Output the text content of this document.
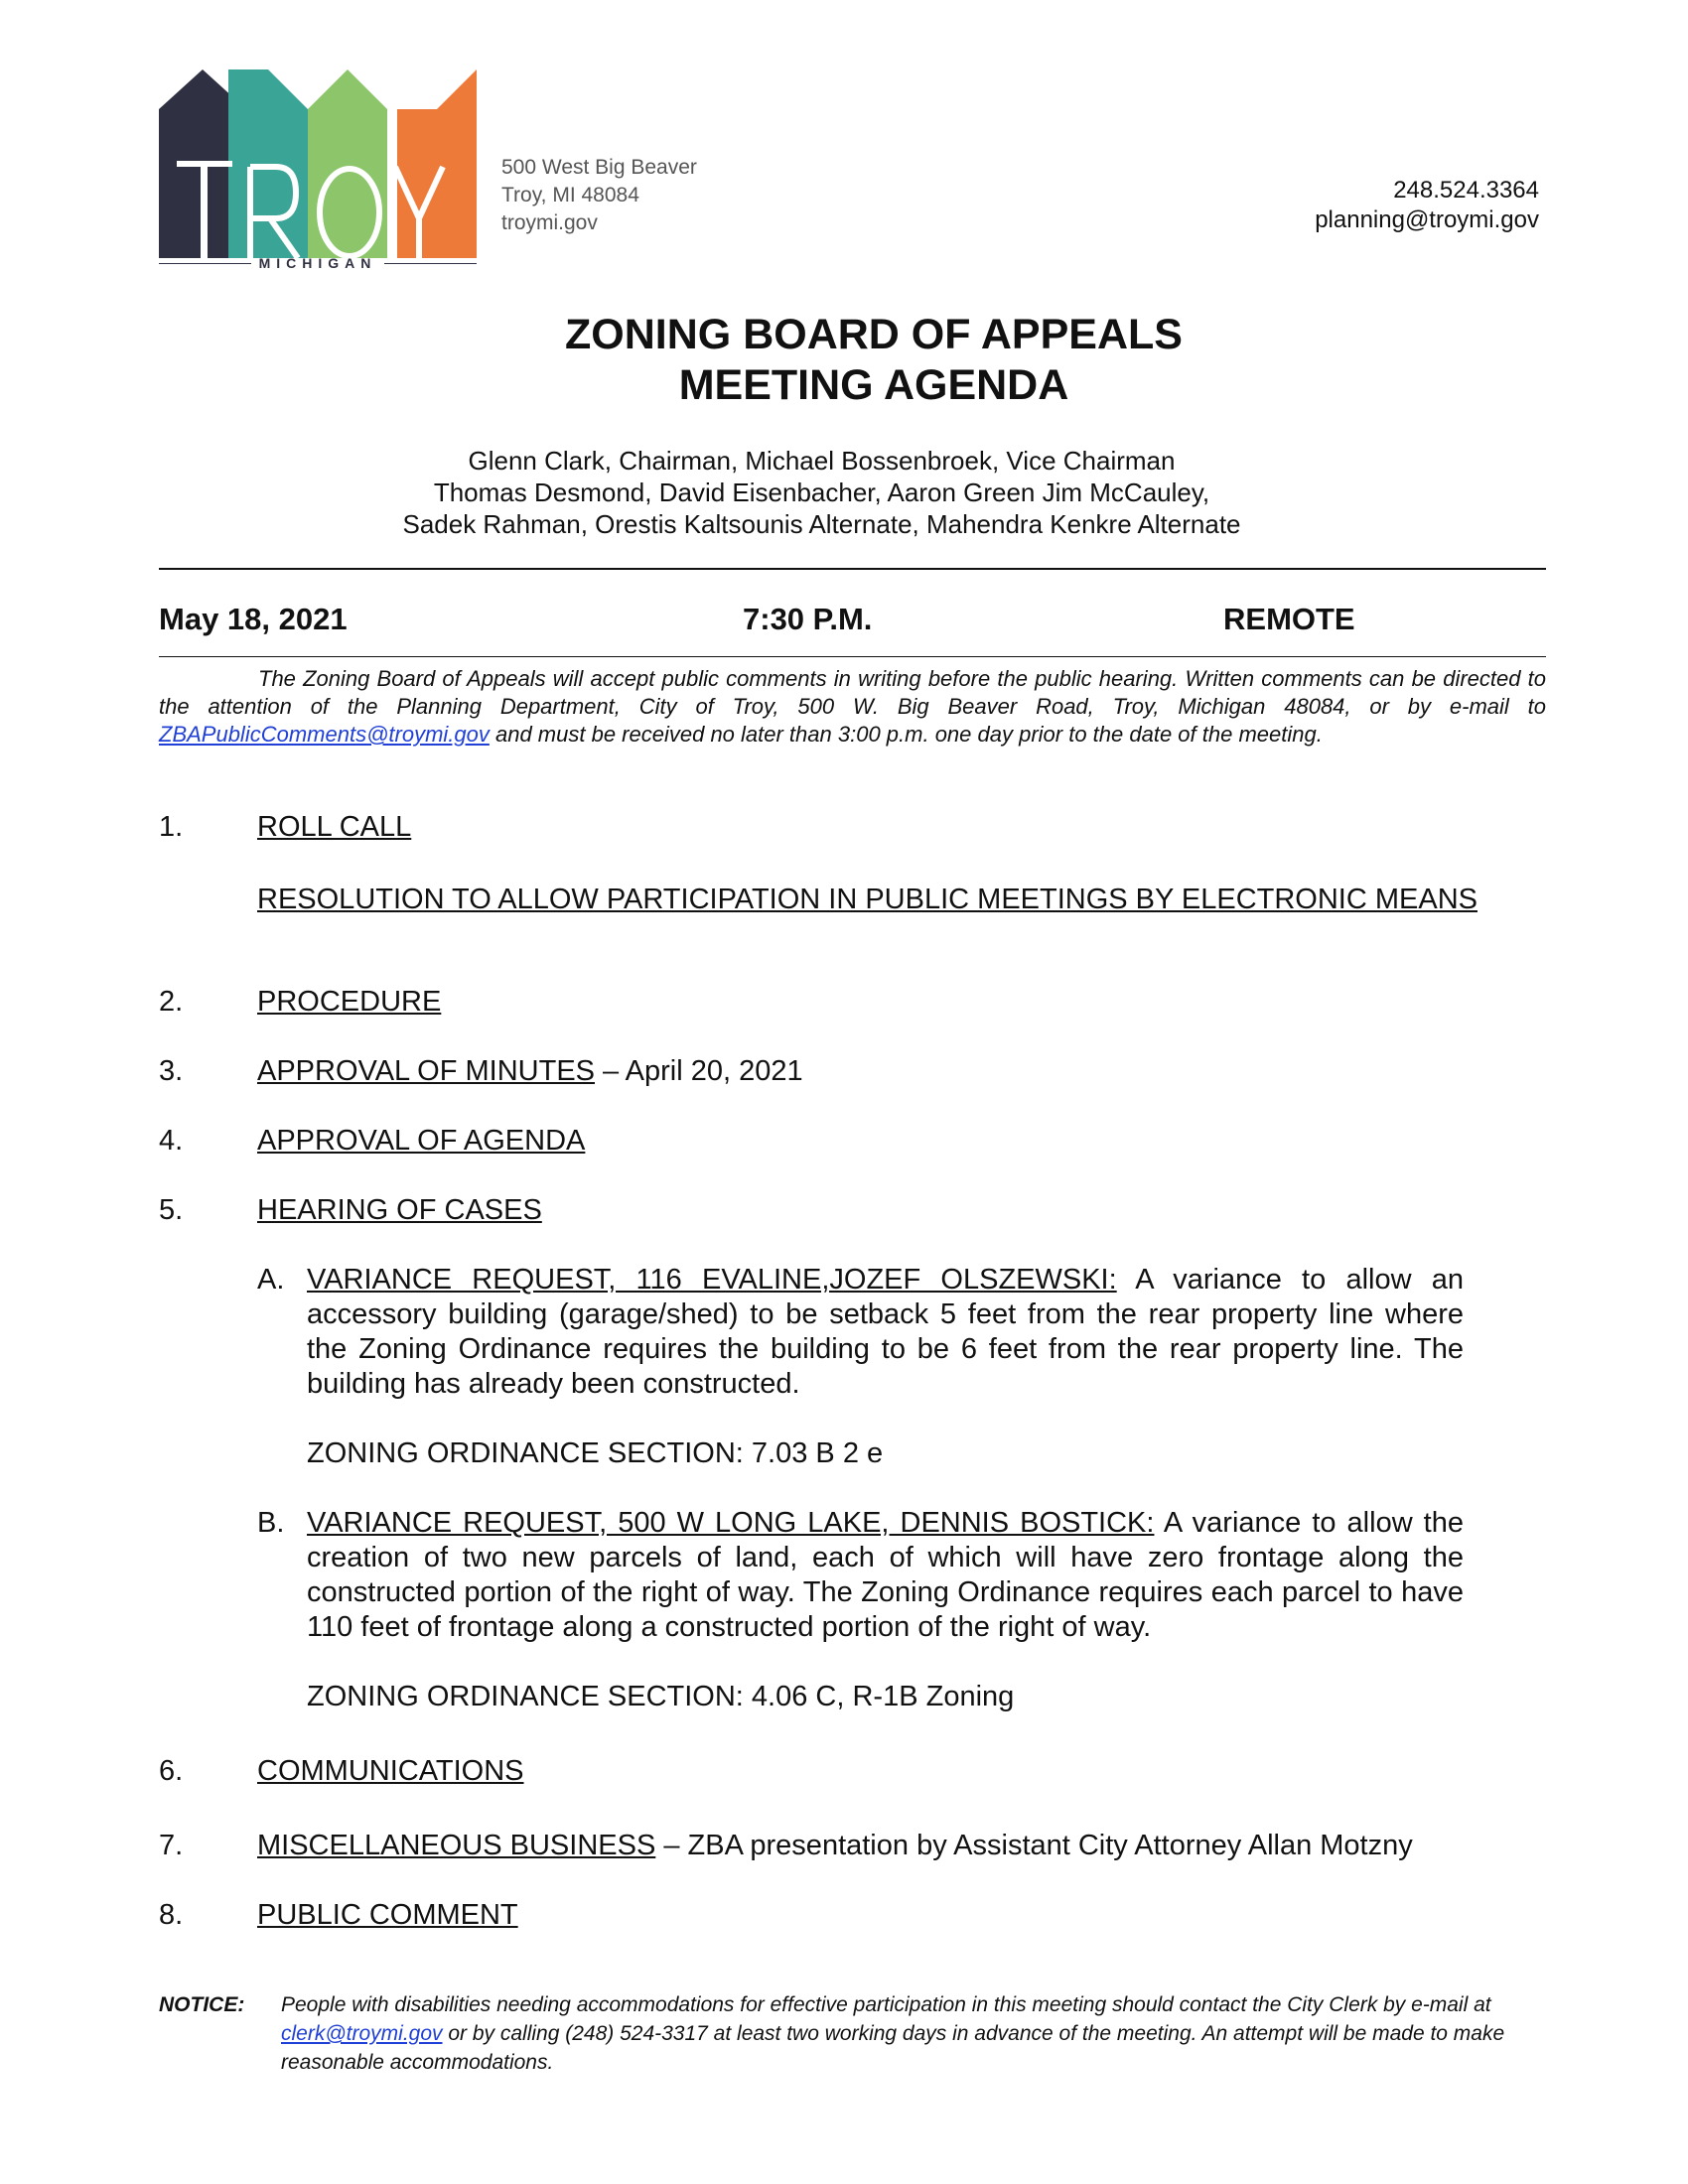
MICHIGAN
500 West Big Beaver
Troy, MI 48084
troymi.gov
248.524.3364
planning@troymi.gov
ZONING BOARD OF APPEALS
MEETING AGENDA
Glenn Clark, Chairman, Michael Bossenbroek, Vice Chairman
Thomas Desmond, David Eisenbacher, Aaron Green Jim McCauley,
Sadek Rahman, Orestis Kaltsounis Alternate, Mahendra Kenkre Alternate
May 18, 2021	7:30 P.M.	REMOTE
The Zoning Board of Appeals will accept public comments in writing before the public hearing. Written comments can be directed to the attention of the Planning Department, City of Troy, 500 W. Big Beaver Road, Troy, Michigan 48084, or by e-mail to ZBAPublicComments@troymi.gov and must be received no later than 3:00 p.m. one day prior to the date of the meeting.
1.	ROLL CALL
RESOLUTION TO ALLOW PARTICIPATION IN PUBLIC MEETINGS BY ELECTRONIC MEANS
2.	PROCEDURE
3.	APPROVAL OF MINUTES – April 20, 2021
4.	APPROVAL OF AGENDA
5.	HEARING OF CASES
A. VARIANCE REQUEST, 116 EVALINE,JOZEF OLSZEWSKI: A variance to allow an accessory building (garage/shed) to be setback 5 feet from the rear property line where the Zoning Ordinance requires the building to be 6 feet from the rear property line. The building has already been constructed.
ZONING ORDINANCE SECTION: 7.03 B 2 e
B. VARIANCE REQUEST, 500 W LONG LAKE, DENNIS BOSTICK: A variance to allow the creation of two new parcels of land, each of which will have zero frontage along the constructed portion of the right of way. The Zoning Ordinance requires each parcel to have 110 feet of frontage along a constructed portion of the right of way.
ZONING ORDINANCE SECTION: 4.06 C, R-1B Zoning
6.	COMMUNICATIONS
7.	MISCELLANEOUS BUSINESS – ZBA presentation by Assistant City Attorney Allan Motzny
8.	PUBLIC COMMENT
NOTICE: People with disabilities needing accommodations for effective participation in this meeting should contact the City Clerk by e-mail at clerk@troymi.gov or by calling (248) 524-3317 at least two working days in advance of the meeting. An attempt will be made to make reasonable accommodations.
